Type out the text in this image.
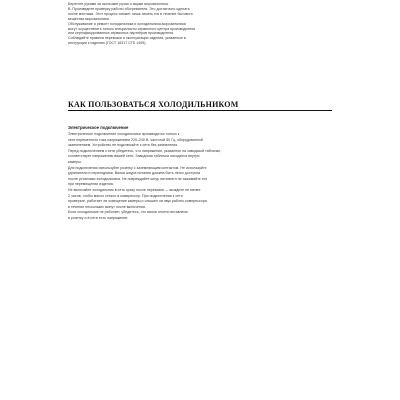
Берегите руками за скользкие ручки и ящики морозильника.
В. Произведите проверку работы обогревателя. Это достаточно сделать
после монтажа. Этот процесс сможет лишь начать ток в течение бытового
вещества морозильника.
Обслуживание и ремонт холодильника и холодильника-морозильника
могут осуществлять только специалисты сервисного центра производителя
или сертифицированных сервисных партнёров производителя.
Соблюдайте правила перевозки и эксплуатации изделия, указанные в
инструкции к изделию (ГОСТ 16317 СТБ 1409).
КАК ПОЛЬЗОВАТЬСЯ ХОЛОДИЛЬНИКОМ
Электрическое подключение
Электрическое подключение холодильника производится только к
сети переменного тока напряжением 220–240 В, частотой 50 Гц, оборудованной
заземлением. Устройство не подключайте к сети без заземления.
Перед подключением к сети убедитесь, что напряжение, указанное на заводской табличке,
соответствует напряжению вашей сети. Заводская табличка находится внутри
камеры.
Для подключения используйте розетку с заземляющим контактом. Не используйте
удлинители и переходники. Вилка шнура питания должна быть легко доступна
после установки холодильника. Не повреждайте шнур питания и не зажимайте его
при перемещении изделия.
Не включайте холодильник в сеть сразу после перевозки — выждите не менее
2 часов, чтобы масло стекло в компрессор. При подключении к сети
проверьте, работает ли освещение камеры и слышен ли звук работы компрессора
в течение нескольких минут после включения.
Если холодильник не работает, убедитесь, что вилка плотно вставлена
в розетку и в сети есть напряжение.
